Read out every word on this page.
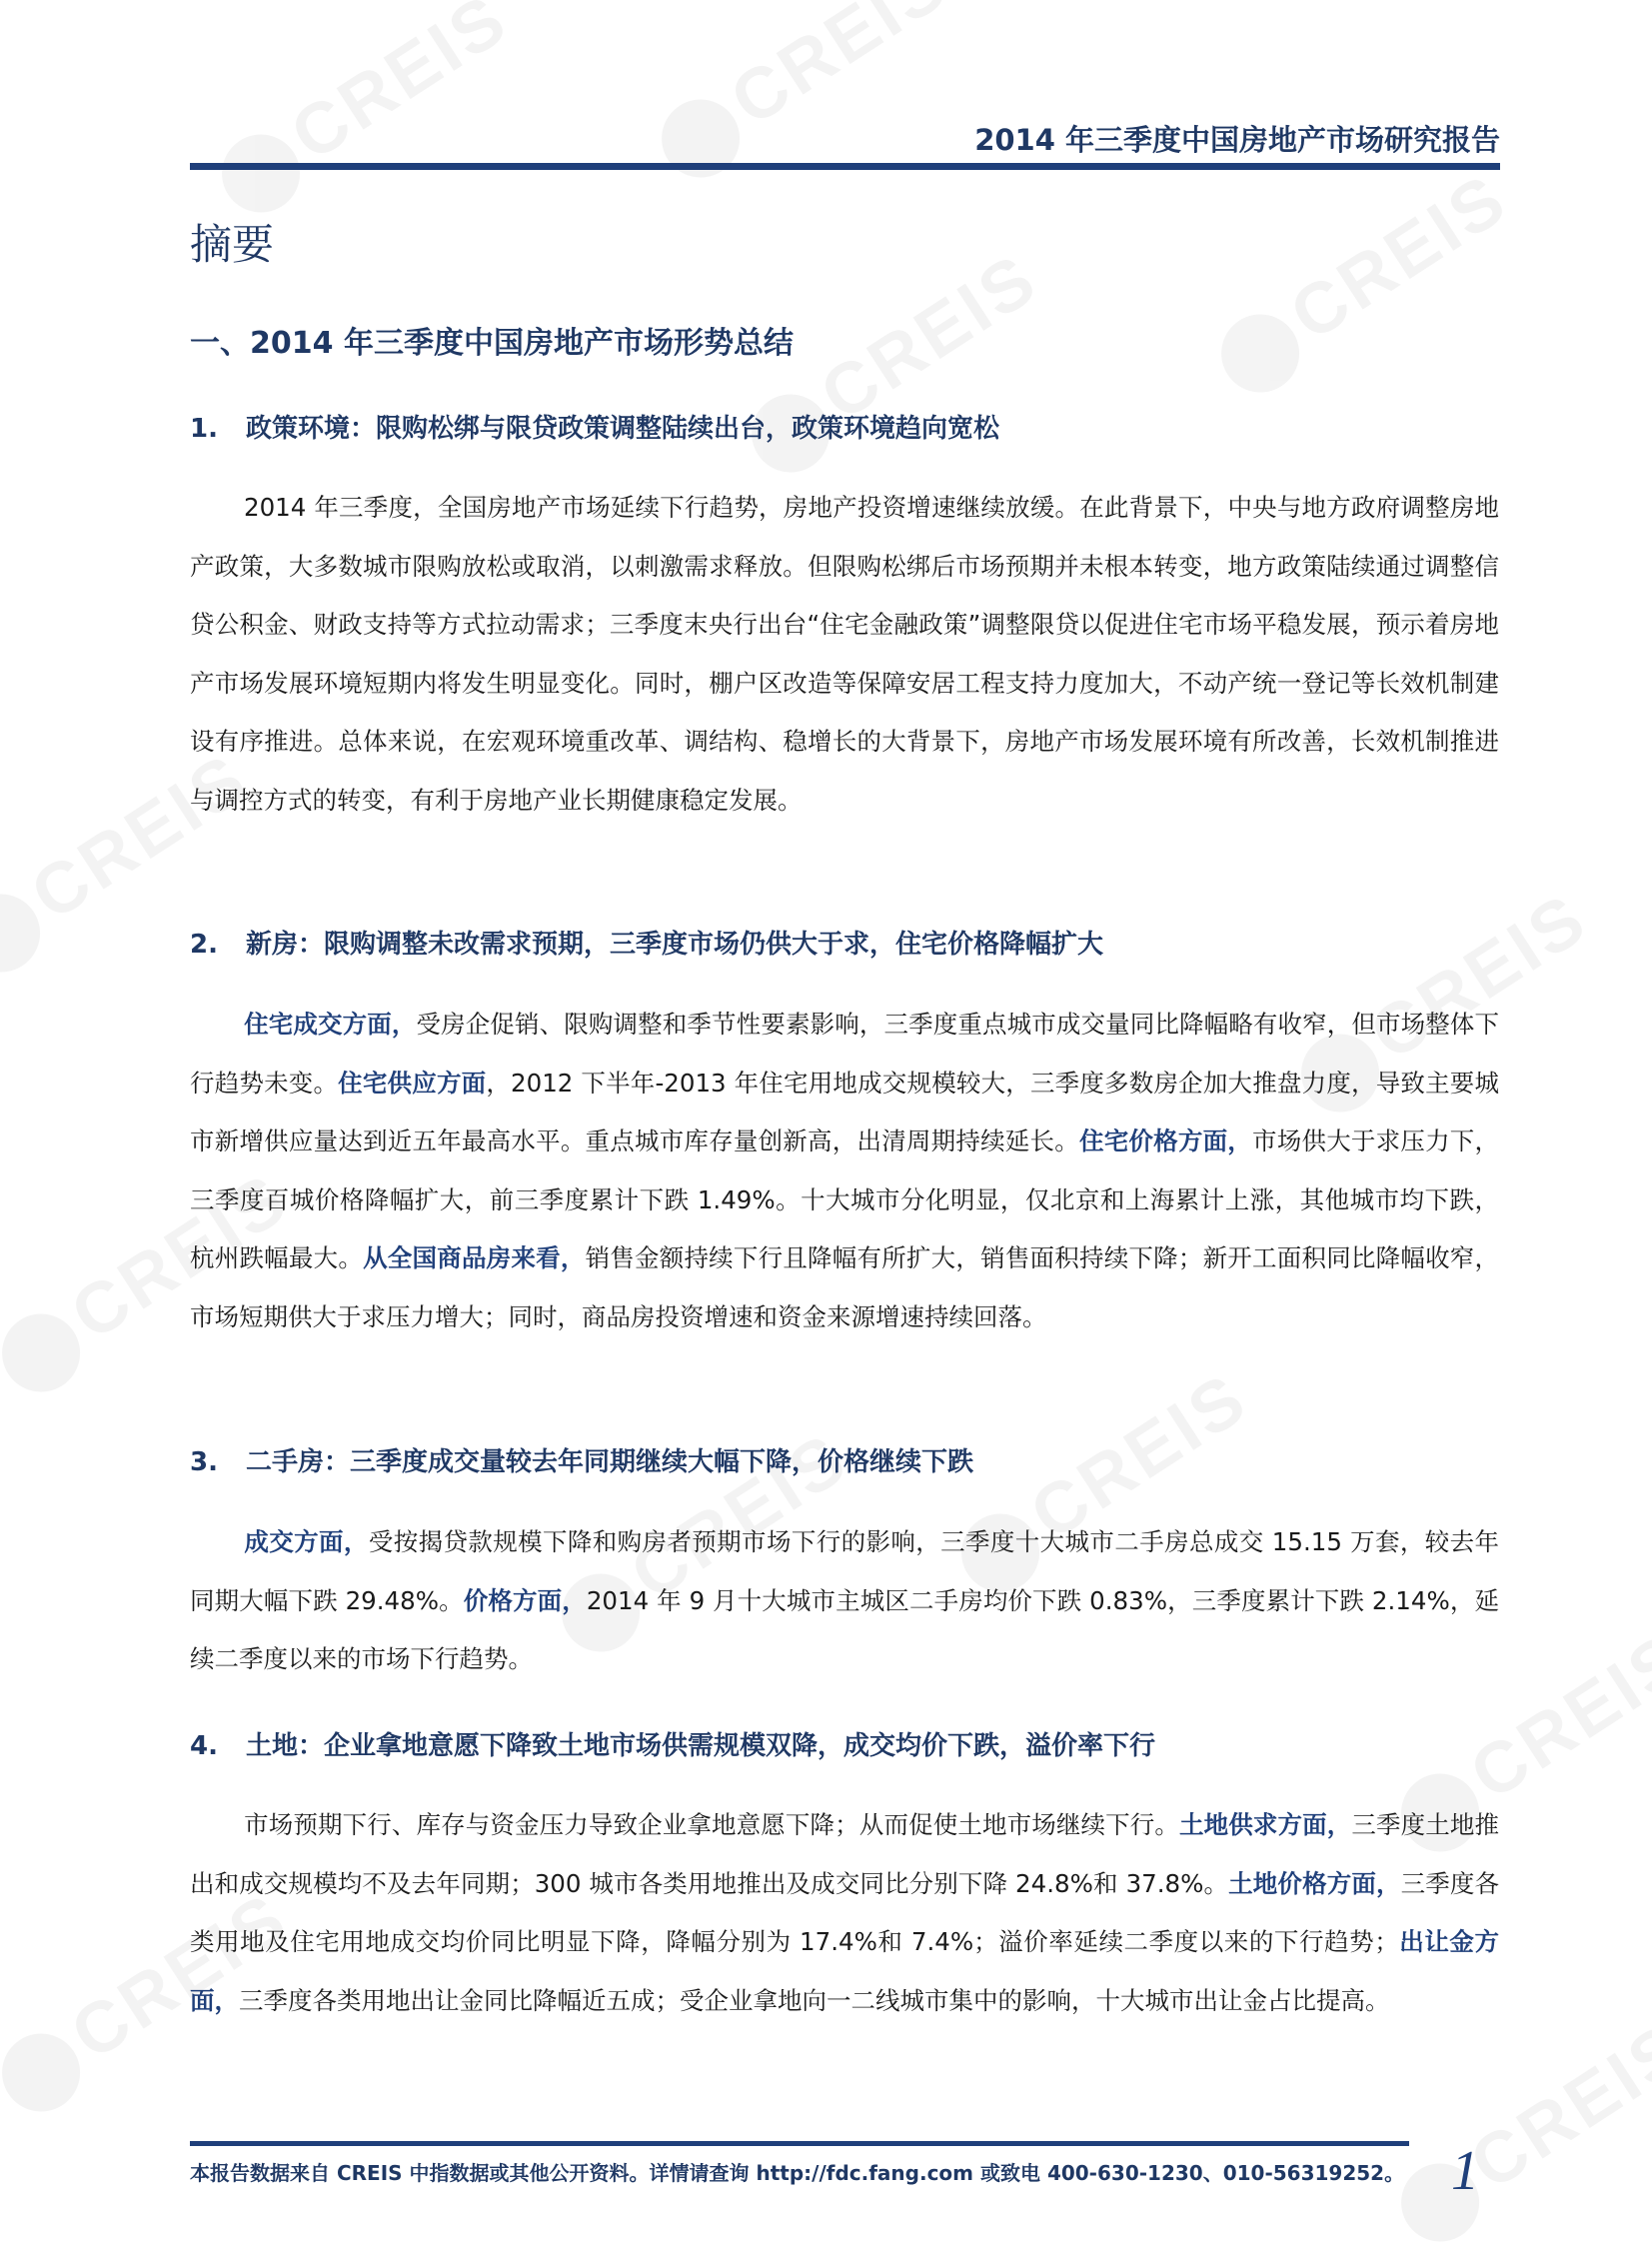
2014 年三季度中国房地产市场研究报告
摘要
一、2014 年三季度中国房地产市场形势总结
1. 政策环境：限购松绑与限贷政策调整陆续出台，政策环境趋向宽松
2014 年三季度，全国房地产市场延续下行趋势，房地产投资增速继续放缓。在此背景下，中央与地方政府调整房地产政策，大多数城市限购放松或取消，以刺激需求释放。但限购松绑后市场预期并未根本转变，地方政策陆续通过调整信贷公积金、财政支持等方式拉动需求；三季度末央行出台“住宅金融政策”调整限贷以促进住宅市场平稳发展，预示着房地产市场发展环境短期内将发生明显变化。同时，棚户区改造等保障安居工程支持力度加大，不动产统一登记等长效机制建设有序推进。总体来说，在宏观环境重改革、调结构、稳增长的大背景下，房地产市场发展环境有所改善，长效机制推进与调控方式的转变，有利于房地产业长期健康稳定发展。
2. 新房：限购调整未改需求预期，三季度市场仍供大于求，住宅价格降幅扩大
住宅成交方面，受房企促销、限购调整和季节性要素影响，三季度重点城市成交量同比降幅略有收窄，但市场整体下行趋势未变。住宅供应方面，2012 下半年-2013 年住宅用地成交规模较大，三季度多数房企加大推盘力度，导致主要城市新增供应量达到近五年最高水平。重点城市库存量创新高，出清周期持续延长。住宅价格方面，市场供大于求压力下，三季度百城价格降幅扩大，前三季度累计下跌 1.49%。十大城市分化明显，仅北京和上海累计上涨，其他城市均下跌，杭州跌幅最大。从全国商品房来看，销售金额持续下行且降幅有所扩大，销售面积持续下降；新开工面积同比降幅收窄，市场短期供大于求压力增大；同时，商品房投资增速和资金来源增速持续回落。
3. 二手房：三季度成交量较去年同期继续大幅下降，价格继续下跌
成交方面，受按揭贷款规模下降和购房者预期市场下行的影响，三季度十大城市二手房总成交 15.15 万套，较去年同期大幅下跌 29.48%。价格方面，2014 年 9 月十大城市主城区二手房均价下跌 0.83%，三季度累计下跌 2.14%，延续二季度以来的市场下行趋势。
4. 土地：企业拿地意愿下降致土地市场供需规模双降，成交均价下跌，溢价率下行
市场预期下行、库存与资金压力导致企业拿地意愿下降；从而促使土地市场继续下行。土地供求方面，三季度土地推出和成交规模均不及去年同期；300 城市各类用地推出及成交同比分别下降 24.8%和 37.8%。土地价格方面，三季度各类用地及住宅用地成交均价同比明显下降，降幅分别为 17.4%和 7.4%；溢价率延续二季度以来的下行趋势；出让金方面，三季度各类用地出让金同比降幅近五成；受企业拿地向一二线城市集中的影响，十大城市出让金占比提高。
本报告数据来自 CREIS 中指数据或其他公开资料。详情请查询 http://fdc.fang.com 或致电 400-630-1230、010-56319252。 1
